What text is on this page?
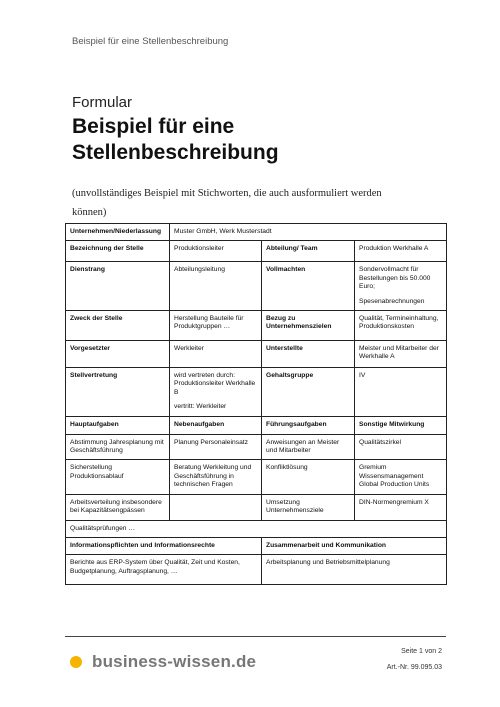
Beispiel für eine Stellenbeschreibung
Formular
Beispiel für eine Stellenbeschreibung
(unvollständiges Beispiel mit Stichworten, die auch ausformuliert werden können)
Unternehmen/Niederlassung	Muster GmbH, Werk Musterstadt		
Bezeichnung der Stelle	Produktionsleiter	Abteilung/ Team	Produktion Werkhalle A
Dienstrang	Abteilungsleitung	Vollmachten	Sondervollmacht für Bestellungen bis 50.000 Euro;

Spesenabrechnungen

Zweck der Stelle	Herstellung Bauteile für Produktgruppen …	Bezug zu Unternehmenszielen	Qualität, Termineinhaltung, Produktionskosten
Vorgesetzter	Werkleiter	Unterstellte	Meister und Mitarbeiter der Werkhalle A
Stellvertretung	wird vertreten durch: Produktionsleiter Werkhalle B

vertritt: Werkleiter	Gehaltsgruppe	IV
Hauptaufgaben	Nebenaufgaben	Führungsaufgaben	Sonstige Mitwirkung
Abstimmung Jahresplanung mit Geschäftsführung	Planung Personaleinsatz	Anweisungen an Meister und Mitarbeiter	Qualitätszirkel
Sicherstellung Produktionsablauf	Beratung Werkleitung und Geschäftsführung in technischen Fragen	Konfliktlösung	Gremium Wissensmanagement Global Production Units
Arbeitsverteilung insbesondere bei Kapazitätsengpässen		Umsetzung Unternehmensziele	DIN-Normengremium X
Qualitätsprüfungen …			
Informationspflichten und Informationsrechte		Zusammenarbeit und Kommunikation	
Berichte aus ERP-System über Qualität, Zeit und Kosten, Budgetplanung, Auftragsplanung, …		Arbeitsplanung und Betriebsmittelplanung	
business-wissen.de
Seite 1 von 2
Art.-Nr. 99.095.03
